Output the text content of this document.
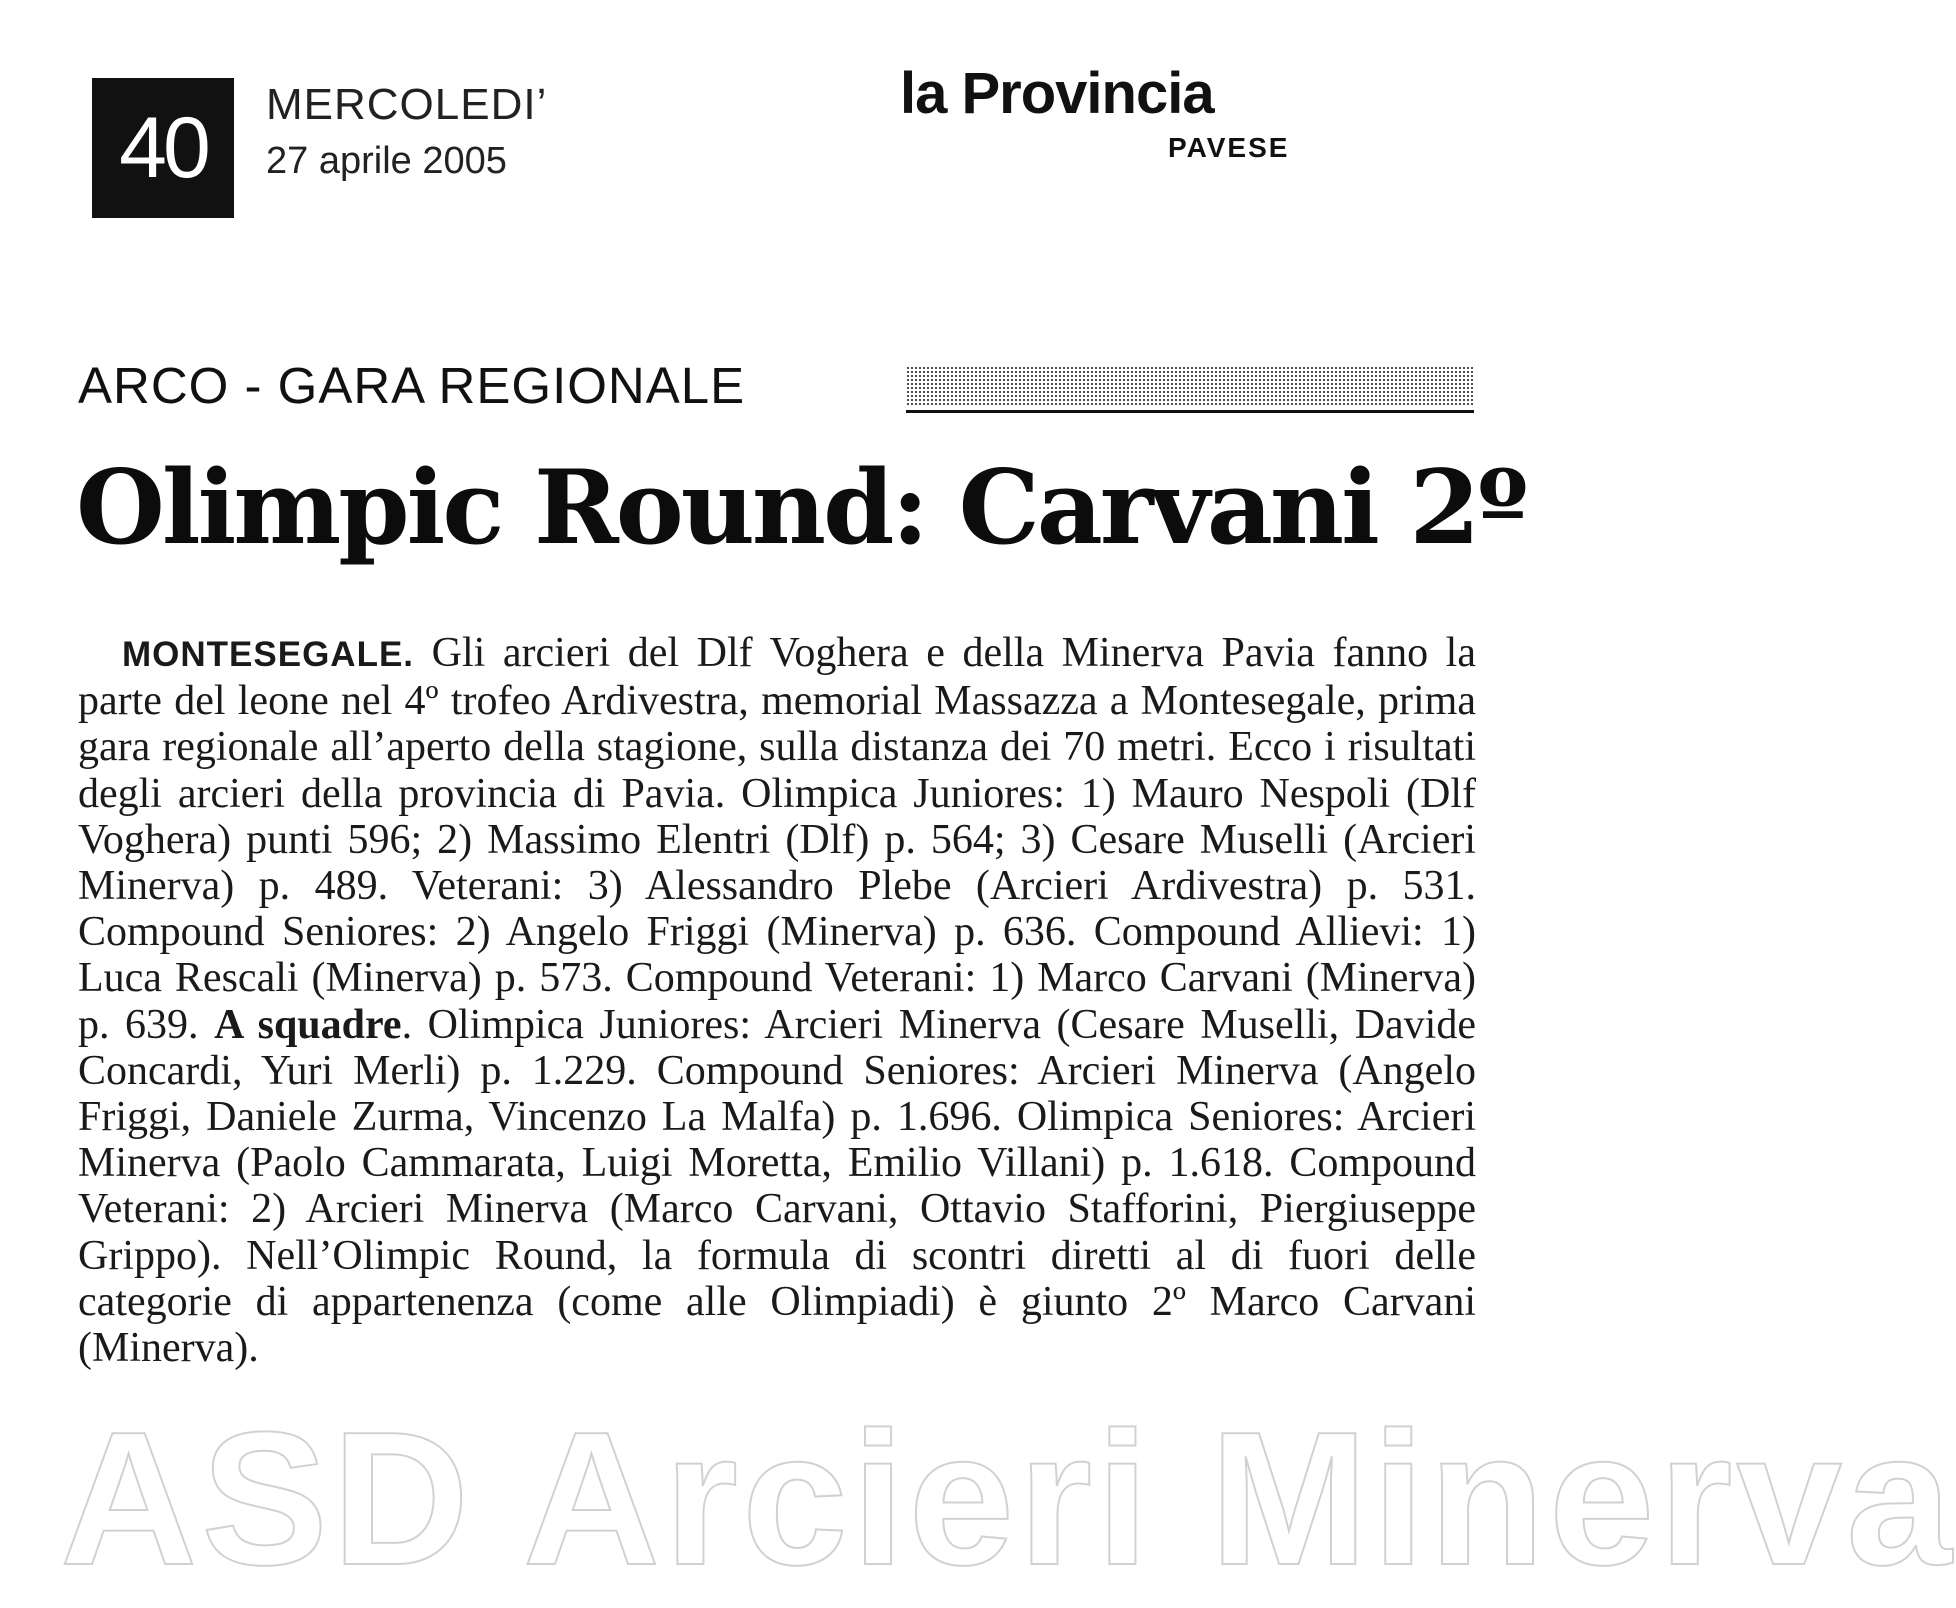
40	MERCOLEDI’
27 aprile 2005
la Provincia
PAVESE
ARCO - GARA REGIONALE
Olimpic Round: Carvani 2º
MONTESEGALE. Gli arcieri del Dlf Voghera e della Minerva Pavia fanno la parte del leone nel 4º trofeo Ardivestra, memorial Massazza a Montesegale, prima gara regionale all’aperto della stagione, sulla distanza dei 70 metri. Ecco i risultati degli arcieri della provincia di Pavia. Olimpica Juniores: 1) Mauro Nespoli (Dlf Voghera) punti 596; 2) Massimo Elentri (Dlf) p. 564; 3) Cesare Muselli (Arcieri Minerva) p. 489. Veterani: 3) Alessandro Plebe (Arcieri Ardivestra) p. 531. Compound Seniores: 2) Angelo Friggi (Minerva) p. 636. Compound Allievi: 1) Luca Rescali (Minerva) p. 573. Compound Veterani: 1) Marco Carvani (Minerva) p. 639. A squadre. Olimpica Juniores: Arcieri Minerva (Cesare Muselli, Davide Concardi, Yuri Merli) p. 1.229. Compound Seniores: Arcieri Minerva (Angelo Friggi, Daniele Zurma, Vincenzo La Malfa) p. 1.696. Olimpica Seniores: Arcieri Minerva (Paolo Cammarata, Luigi Moretta, Emilio Villani) p. 1.618. Compound Veterani: 2) Arcieri Minerva (Marco Carvani, Ottavio Stafforini, Piergiuseppe Grippo). Nell’Olimpic Round, la formula di scontri diretti al di fuori delle categorie di appartenenza (come alle Olimpiadi) è giunto 2º Marco Carvani (Minerva).
ASD Arcieri Minerva
